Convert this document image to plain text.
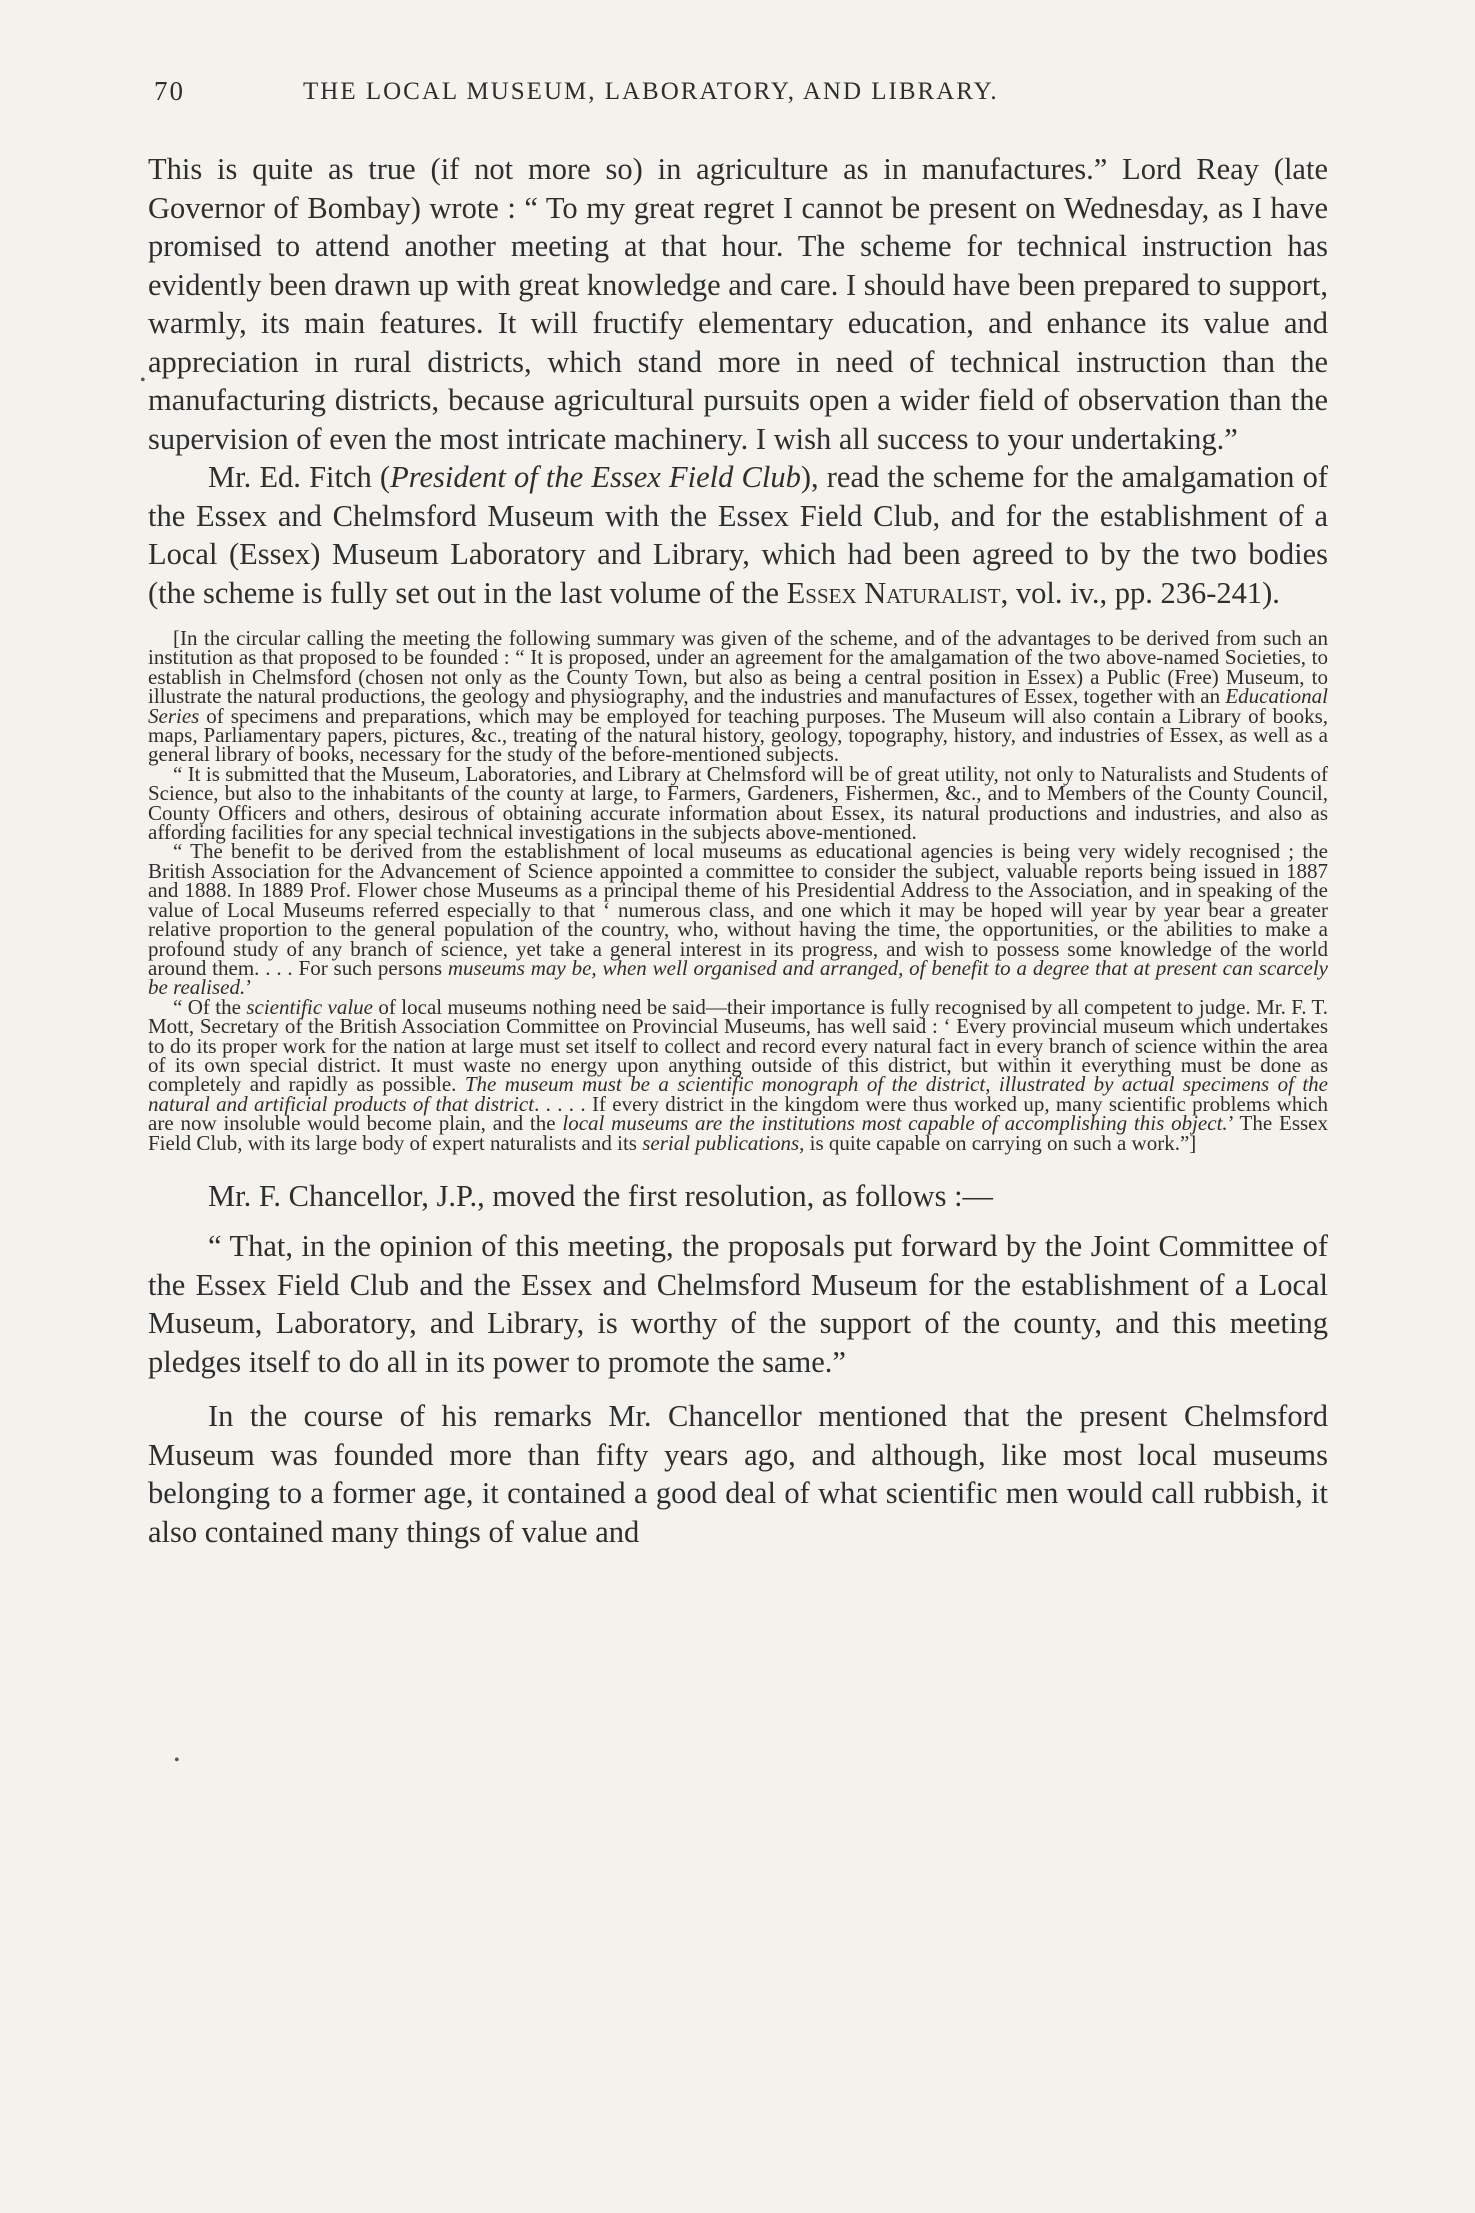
70	THE LOCAL MUSEUM, LABORATORY, AND LIBRARY.

This is quite as true (if not more so) in agriculture as in manufactures.” Lord Reay (late Governor of Bombay) wrote : “ To my great regret I cannot be present on Wednesday, as I have promised to attend another meeting at that hour. The scheme for technical instruction has evidently been drawn up with great knowledge and care. I should have been prepared to support, warmly, its main features. It will fructify elementary education, and enhance its value and appreciation in rural districts, which stand more in need of technical instruction than the manufacturing districts, because agricultural pursuits open a wider field of observation than the supervision of even the most intricate machinery. I wish all success to your undertaking.”

Mr. Ed. Fitch (President of the Essex Field Club), read the scheme for the amalgamation of the Essex and Chelmsford Museum with the Essex Field Club, and for the establishment of a Local (Essex) Museum Laboratory and Library, which had been agreed to by the two bodies (the scheme is fully set out in the last volume of the Essex Naturalist, vol. iv., pp. 236-241).

[In the circular calling the meeting the following summary was given of the scheme, and of the advantages to be derived from such an institution as that proposed to be founded : “ It is proposed, under an agreement for the amalgamation of the two above-named Societies, to establish in Chelmsford (chosen not only as the County Town, but also as being a central position in Essex) a Public (Free) Museum, to illustrate the natural productions, the geology and physiography, and the industries and manufactures of Essex, together with an Educational Series of specimens and preparations, which may be employed for teaching purposes. The Museum will also contain a Library of books, maps, Parliamentary papers, pictures, &c., treating of the natural history, geology, topography, history, and industries of Essex, as well as a general library of books, necessary for the study of the before-mentioned subjects.

“ It is submitted that the Museum, Laboratories, and Library at Chelmsford will be of great utility, not only to Naturalists and Students of Science, but also to the inhabitants of the county at large, to Farmers, Gardeners, Fishermen, &c., and to Members of the County Council, County Officers and others, desirous of obtaining accurate information about Essex, its natural productions and industries, and also as affording facilities for any special technical investigations in the subjects above-mentioned.

“ The benefit to be derived from the establishment of local museums as educational agencies is being very widely recognised ; the British Association for the Advancement of Science appointed a committee to consider the subject, valuable reports being issued in 1887 and 1888. In 1889 Prof. Flower chose Museums as a principal theme of his Presidential Address to the Association, and in speaking of the value of Local Museums referred especially to that ‘ numerous class, and one which it may be hoped will year by year bear a greater relative proportion to the general population of the country, who, without having the time, the opportunities, or the abilities to make a profound study of any branch of science, yet take a general interest in its progress, and wish to possess some knowledge of the world around them. . . . For such persons museums may be, when well organised and arranged, of benefit to a degree that at present can scarcely be realised.’

“ Of the scientific value of local museums nothing need be said—their importance is fully recognised by all competent to judge. Mr. F. T. Mott, Secretary of the British Association Committee on Provincial Museums, has well said : ‘ Every provincial museum which undertakes to do its proper work for the nation at large must set itself to collect and record every natural fact in every branch of science within the area of its own special district. It must waste no energy upon anything outside of this district, but within it everything must be done as completely and rapidly as possible. The museum must be a scientific monograph of the district, illustrated by actual specimens of the natural and artificial products of that district. . . . . If every district in the kingdom were thus worked up, many scientific problems which are now insoluble would become plain, and the local museums are the institutions most capable of accomplishing this object.’ The Essex Field Club, with its large body of expert naturalists and its serial publications, is quite capable on carrying on such a work.”]

Mr. F. Chancellor, J.P., moved the first resolution, as follows :—

“ That, in the opinion of this meeting, the proposals put forward by the Joint Committee of the Essex Field Club and the Essex and Chelmsford Museum for the establishment of a Local Museum, Laboratory, and Library, is worthy of the support of the county, and this meeting pledges itself to do all in its power to promote the same.”

In the course of his remarks Mr. Chancellor mentioned that the present Chelmsford Museum was founded more than fifty years ago, and although, like most local museums belonging to a former age, it contained a good deal of what scientific men would call rubbish, it also contained many things of value and

•
•
